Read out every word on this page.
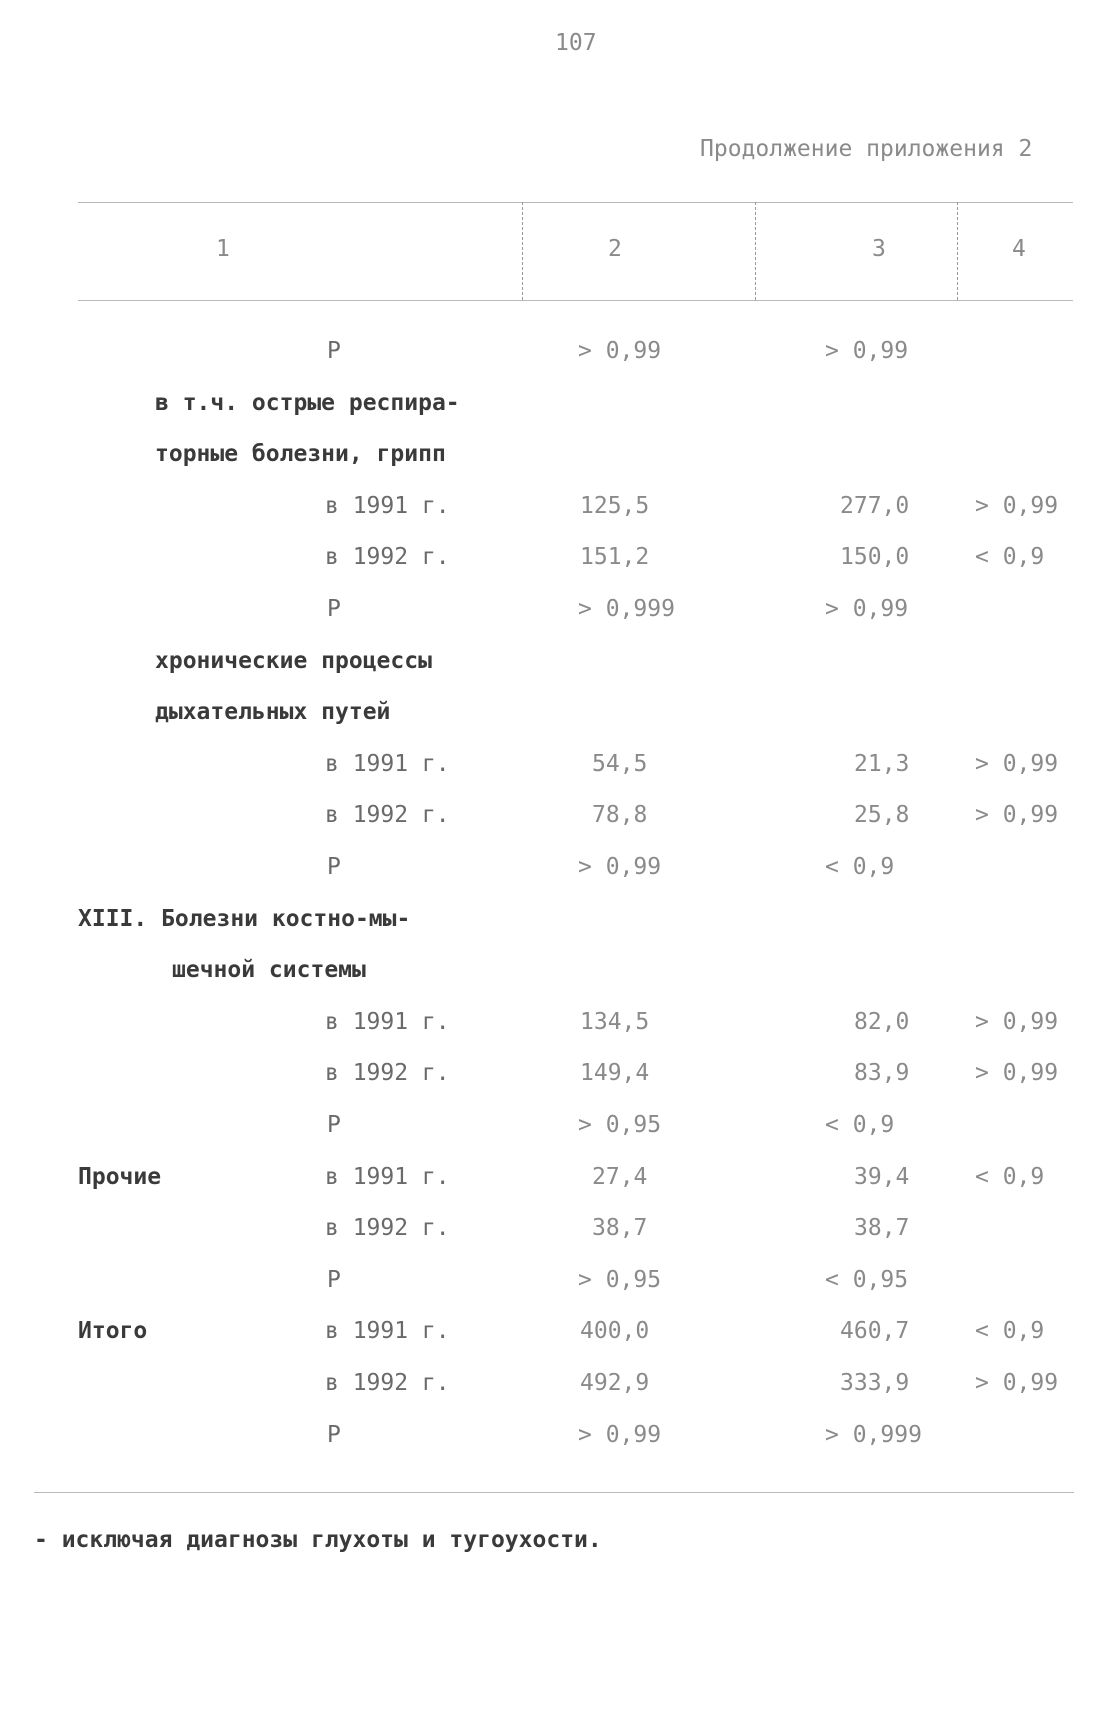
107
Продолжение приложения 2
1	2	3	4
P	> 0,99	> 0,99
в т.ч. острые респира-
торные болезни, грипп
в 1991 г.	125,5	277,0	> 0,99
в 1992 г.	151,2	150,0	< 0,9
P	> 0,999	> 0,99
хронические процессы
дыхательных путей
в 1991 г.	54,5	21,3	> 0,99
в 1992 г.	78,8	25,8	> 0,99
P	> 0,99	< 0,9
XIII. Болезни костно-мы-
шечной системы
в 1991 г.	134,5	82,0	> 0,99
в 1992 г.	149,4	83,9	> 0,99
P	> 0,95	< 0,9
Прочие	в 1991 г.	27,4	39,4	< 0,9
в 1992 г.	38,7	38,7
P	> 0,95	< 0,95
Итого	в 1991 г.	400,0	460,7	< 0,9
в 1992 г.	492,9	333,9	> 0,99
P	> 0,99	> 0,999
- исключая диагнозы глухоты и тугоухости.
